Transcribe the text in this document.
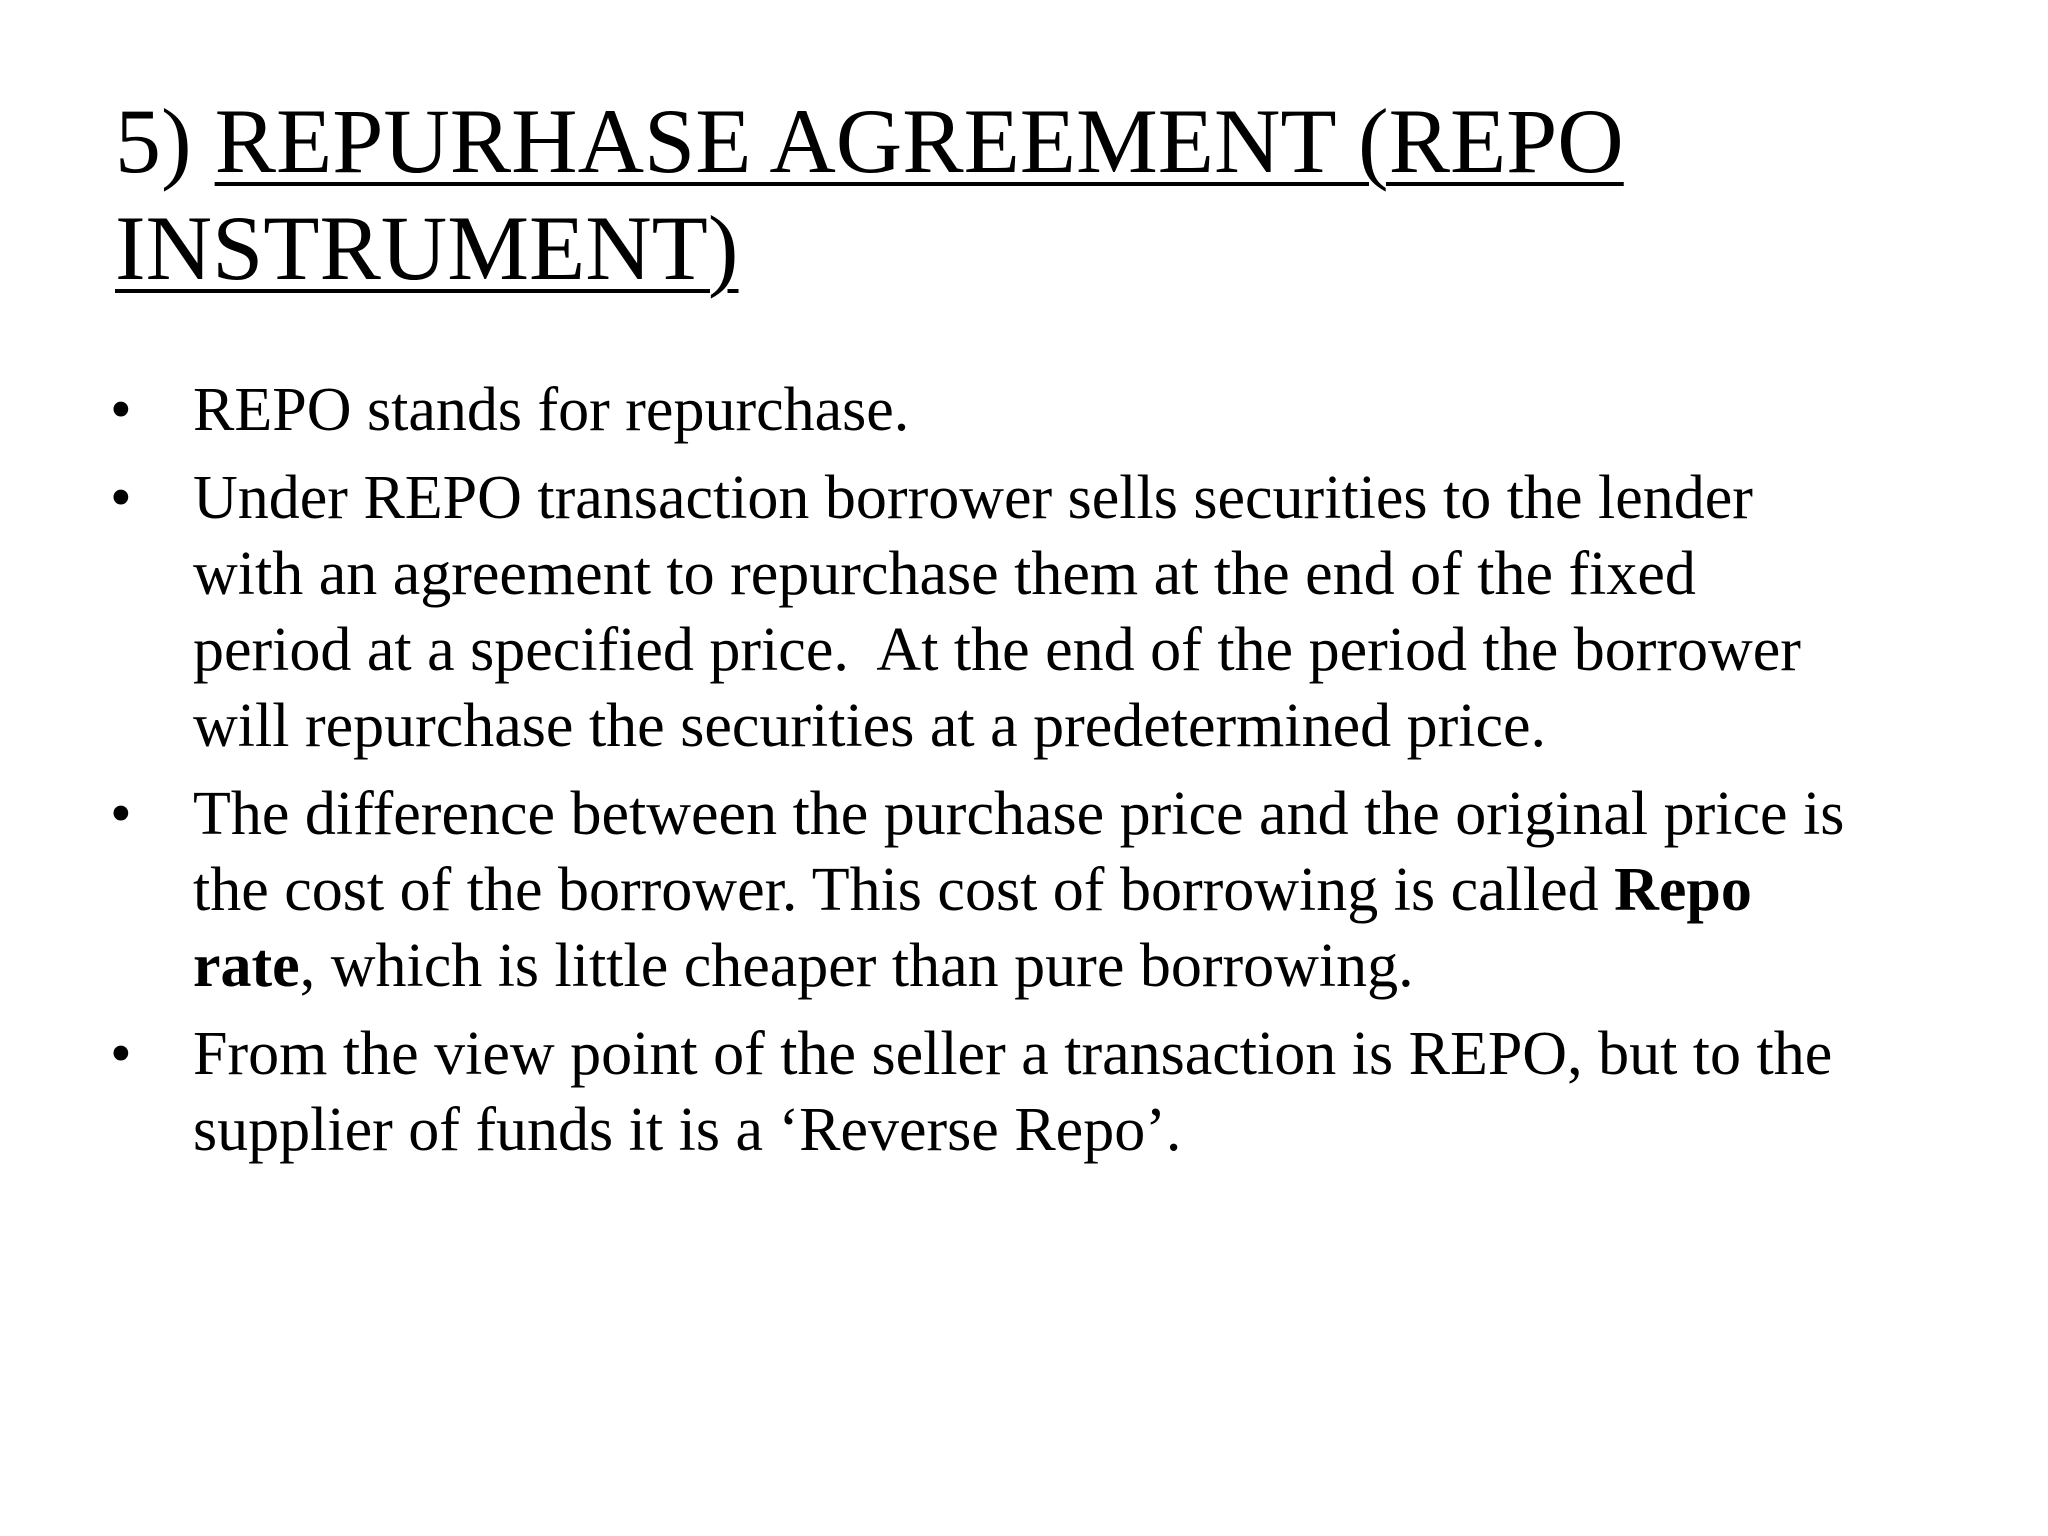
5) REPURHASE AGREEMENT (REPO
INSTRUMENT)
• REPO stands for repurchase.
• Under REPO transaction borrower sells securities to the lender
with an agreement to repurchase them at the end of the fixed
period at a specified price.  At the end of the period the borrower
will repurchase the securities at a predetermined price.
• The difference between the purchase price and the original price is
the cost of the borrower. This cost of borrowing is called Repo
rate, which is little cheaper than pure borrowing.
• From the view point of the seller a transaction is REPO, but to the
supplier of funds it is a ‘Reverse Repo’.
